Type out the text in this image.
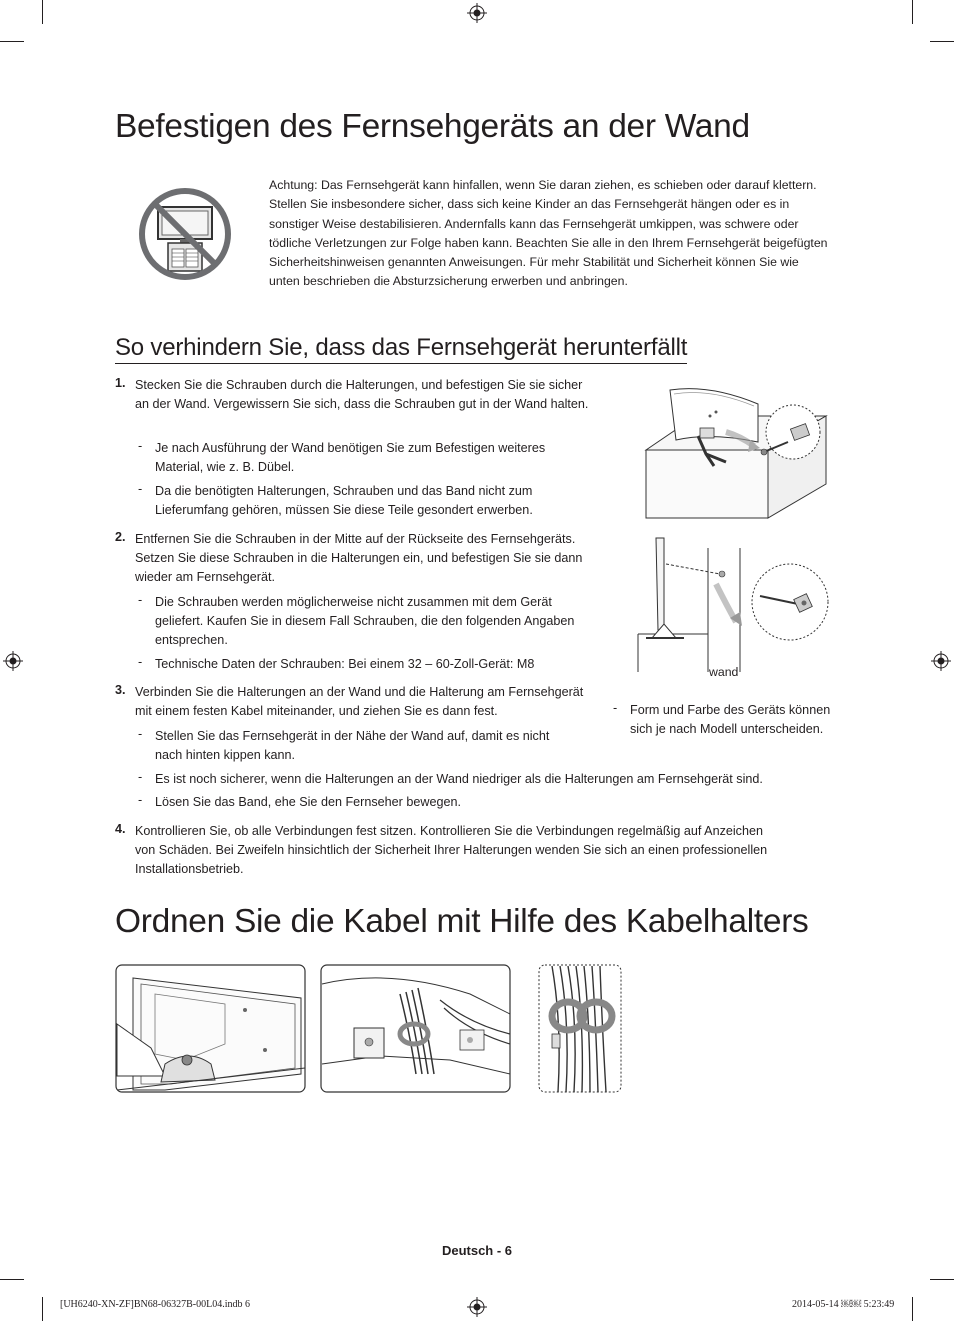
Befestigen des Fernsehgeräts an der Wand
Achtung: Das Fernsehgerät kann hinfallen, wenn Sie daran ziehen, es schieben oder darauf klettern. Stellen Sie insbesondere sicher, dass sich keine Kinder an das Fernsehgerät hängen oder es in sonstiger Weise destabilisieren. Andernfalls kann das Fernsehgerät umkippen, was schwere oder tödliche Verletzungen zur Folge haben kann. Beachten Sie alle in den Ihrem Fernsehgerät beigefügten Sicherheitshinweisen genannten Anweisungen. Für mehr Stabilität und Sicherheit können Sie wie unten beschrieben die Absturzsicherung erwerben und anbringen.
So verhindern Sie, dass das Fernsehgerät herunterfällt
1. Stecken Sie die Schrauben durch die Halterungen, und befestigen Sie sie sicher an der Wand. Vergewissern Sie sich, dass die Schrauben gut in der Wand halten.
- Je nach Ausführung der Wand benötigen Sie zum Befestigen weiteres Material, wie z. B. Dübel.
- Da die benötigten Halterungen, Schrauben und das Band nicht zum Lieferumfang gehören, müssen Sie diese Teile gesondert erwerben.
2. Entfernen Sie die Schrauben in der Mitte auf der Rückseite des Fernsehgeräts. Setzen Sie diese Schrauben in die Halterungen ein, und befestigen Sie sie dann wieder am Fernsehgerät.
- Die Schrauben werden möglicherweise nicht zusammen mit dem Gerät geliefert. Kaufen Sie in diesem Fall Schrauben, die den folgenden Angaben entsprechen.
- Technische Daten der Schrauben: Bei einem 32 – 60-Zoll-Gerät: M8
3. Verbinden Sie die Halterungen an der Wand und die Halterung am Fernsehgerät mit einem festen Kabel miteinander, und ziehen Sie es dann fest.
- Stellen Sie das Fernsehgerät in der Nähe der Wand auf, damit es nicht nach hinten kippen kann.
- Es ist noch sicherer, wenn die Halterungen an der Wand niedriger als die Halterungen am Fernsehgerät sind.
- Lösen Sie das Band, ehe Sie den Fernseher bewegen.
4. Kontrollieren Sie, ob alle Verbindungen fest sitzen. Kontrollieren Sie die Verbindungen regelmäßig auf Anzeichen von Schäden. Bei Zweifeln hinsichtlich der Sicherheit Ihrer Halterungen wenden Sie sich an einen professionellen Installationsbetrieb.
wand
- Form und Farbe des Geräts können sich je nach Modell unterscheiden.
Ordnen Sie die Kabel mit Hilfe des Kabelhalters
Deutsch - 6
[UH6240-XN-ZF]BN68-06327B-00L04.indb 6	2014-05-14 ￼￼ 5:23:49
